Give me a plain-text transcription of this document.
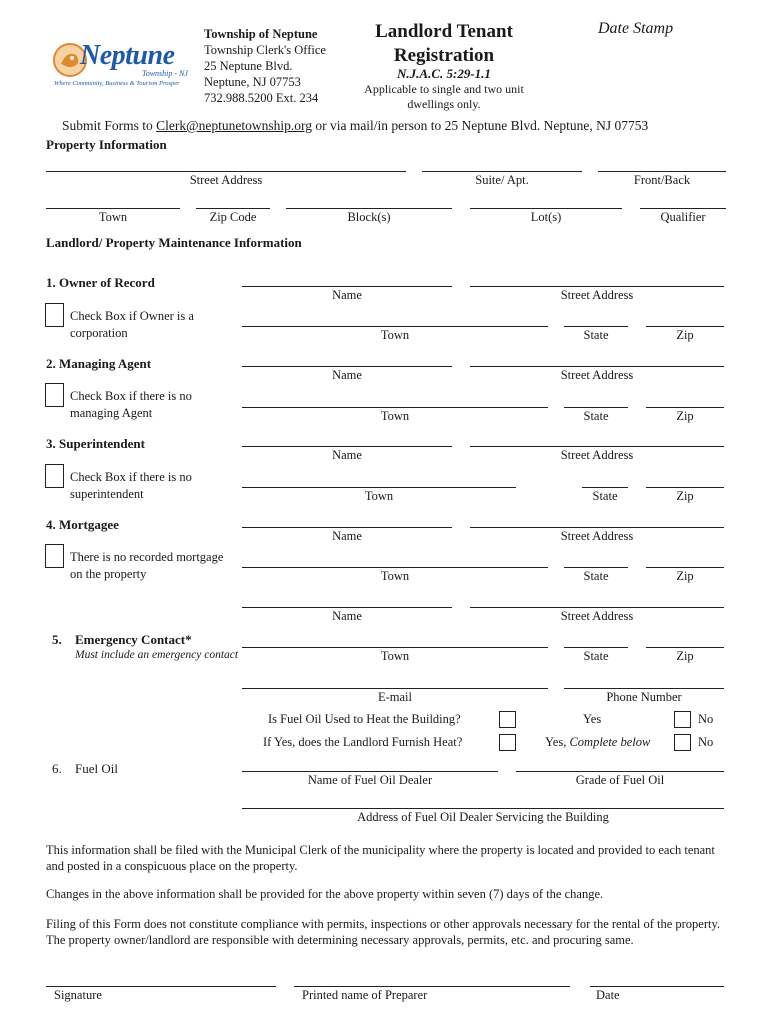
Neptune
Township - NJ
Where Community, Business & Tourism Prosper
Township of Neptune
Township Clerk's Office
25 Neptune Blvd.
Neptune, NJ 07753
732.988.5200 Ext. 234
Landlord Tenant
Registration
N.J.A.C. 5:29-1.1
Applicable to single and two unit
dwellings only.
Date Stamp
Submit Forms to Clerk@neptunetownship.org or via mail/in person to 25 Neptune Blvd. Neptune, NJ 07753
Property Information
Street Address	Suite/ Apt.	Front/Back
Town	Zip Code	Block(s)	Lot(s)	Qualifier
Landlord/ Property Maintenance Information
1. Owner of Record
Check Box if Owner is a
corporation
Name	Street Address
Town	State	Zip
2. Managing Agent
Check Box if there is no
managing Agent
Name	Street Address
Town	State	Zip
3. Superintendent
Check Box if there is no
superintendent
Name	Street Address
Town	State	Zip
4. Mortgagee
There is no recorded mortgage
on the property
Name	Street Address
Town	State	Zip
Name	Street Address
5. Emergency Contact*
Must include an emergency contact	Town	State	Zip
E-mail	Phone Number
Is Fuel Oil Used to Heat the Building?	Yes	No
If Yes, does the Landlord Furnish Heat?	Yes, Complete below	No
6. Fuel Oil
Name of Fuel Oil Dealer	Grade of Fuel Oil
Address of Fuel Oil Dealer Servicing the Building
This information shall be filed with the Municipal Clerk of the municipality where the property is located and provided to each tenant and posted in a conspicuous place on the property.
Changes in the above information shall be provided for the above property within seven (7) days of the change.
Filing of this Form does not constitute compliance with permits, inspections or other approvals necessary for the rental of the property. The property owner/landlord are responsible with determining necessary approvals, permits, etc. and procuring same.
Signature	Printed name of Preparer	Date
